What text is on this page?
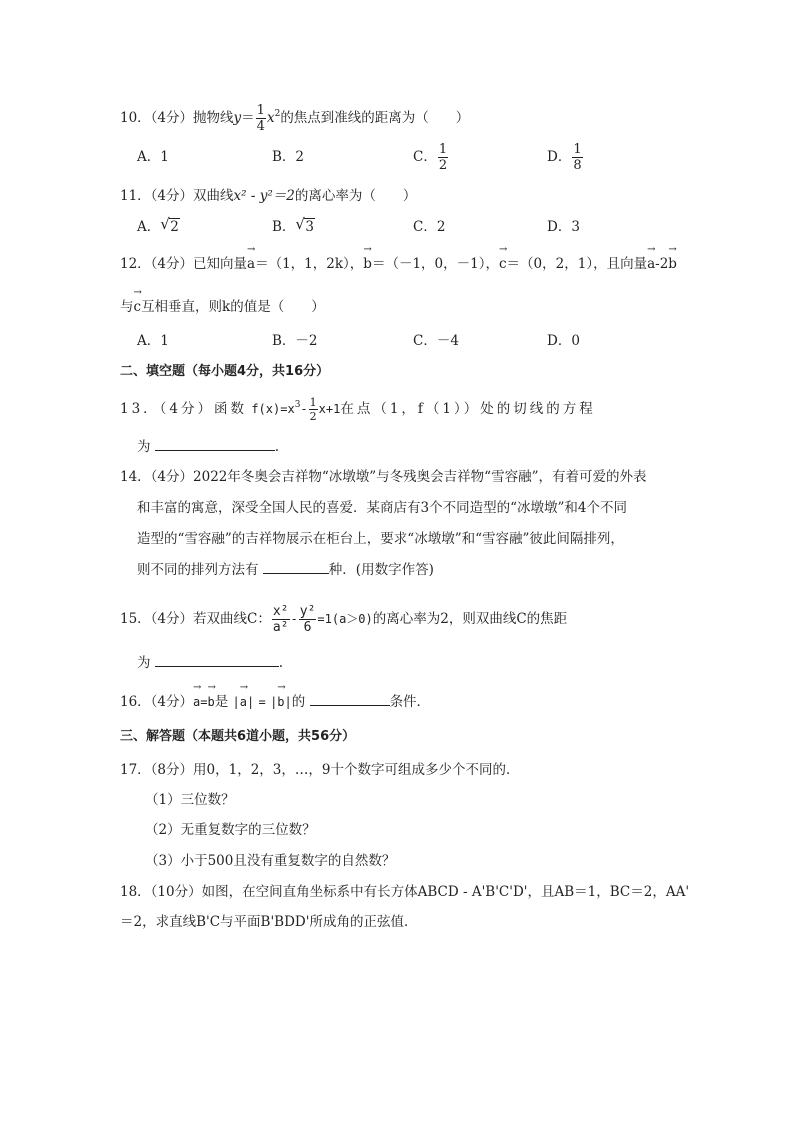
10．（4分）抛物线$y= \frac{1}{4} x^2$的焦点到准线的距离为（　　）
A．1	B．2	C． $\frac{1}{2}$	D． $\frac{1}{8}$
11．（4分）双曲线x² - y²＝2的离心率为（　　）
A． √ 2	B． √ 3	C．2	D．3
12．（4分）已知向量
→
a＝（1，1，2k），
→
b＝（－1，0，－1），
→
c＝（0，2，1），且向量
→
a-2
→
b
与
→
c互相垂直，则k的值是（　　）
A．1	B．－2	C．－4	D．0
二、填空题（每小题4分，共16分）
13．（4分）函数 $f(x)=x^3- \frac{1}{2} x+1$在点（1，f（1））处的切线的方程
为	.
14．（4分）2022年冬奥会吉祥物“冰墩墩”与冬残奥会吉祥物“雪容融”，有着可爱的外表
和丰富的寓意，深受全国人民的喜爱．某商店有3个不同造型的“冰墩墩”和4个不同
造型的“雪容融”的吉祥物展示在柜台上，要求“冰墩墩”和“雪容融”彼此间隔排列，
则不同的排列方法有	种．(用数字作答)
15．（4分）若双曲线C： $\frac{\text{x²}}{\text{a²}} - \frac{\text{y²}}{6} =1(a>0)$的离心率为2，则双曲线C的焦距
为	.
16．（4分）
→
a=
→
b是 |
→
a| = |
→
b|的	条件．
三、解答题（本题共6道小题，共56分）
17．（8分）用0，1，2，3，…，9十个数字可组成多少个不同的．
（1）三位数？
（2）无重复数字的三位数？
（3）小于500且没有重复数字的自然数？
18．（10分）如图，在空间直角坐标系中有长方体ABCD - A'B'C'D'，且AB＝1，BC＝2，AA'
＝2，求直线B'C与平面B'BDD'所成角的正弦值．
